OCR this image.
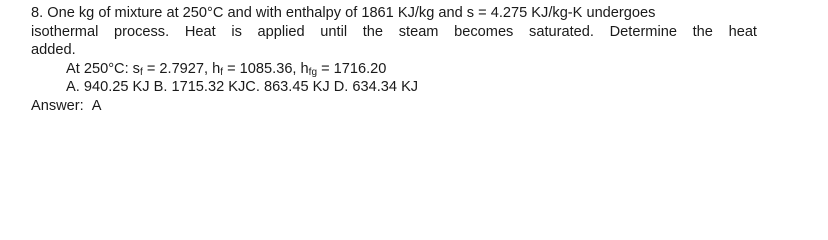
8. One kg of mixture at 250°C and with enthalpy of 1861 KJ/kg and s = 4.275 KJ/kg-K undergoes
isothermal process. Heat is applied until the steam becomes saturated. Determine the heat
added.
At 250°C: $s_f = 2.7927$, $h_f = 1085.36$, $h_{fg} = 1716.20$
A. 940.25 KJ B. 1715.32 KJC. 863.45 KJ D. 634.34 KJ
Answer: A
